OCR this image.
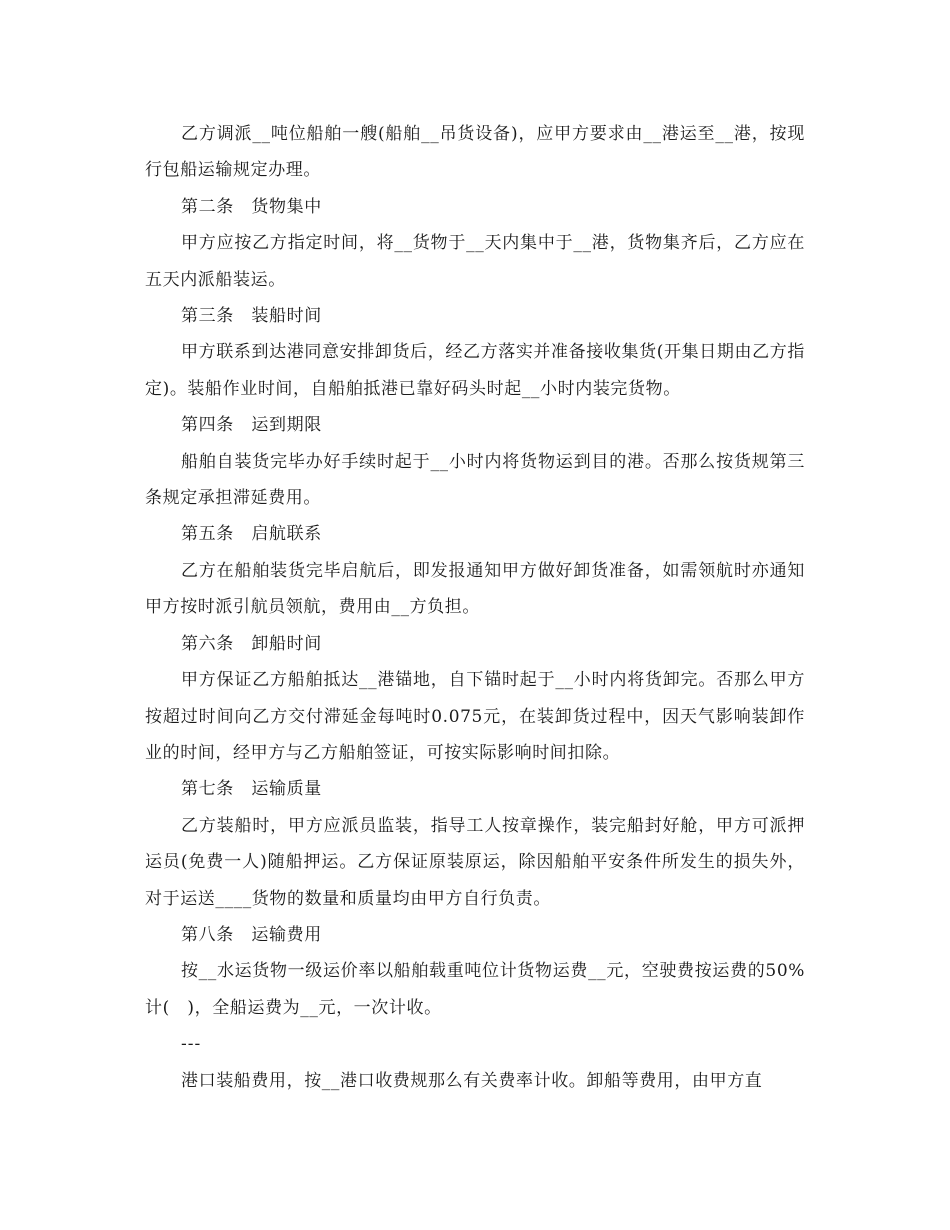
乙方调派__吨位船舶一艘(船舶__吊货设备)，应甲方要求由__港运至__港，按现行包船运输规定办理。

第二条　货物集中

甲方应按乙方指定时间，将__货物于__天内集中于__港，货物集齐后，乙方应在五天内派船装运。

第三条　装船时间

甲方联系到达港同意安排卸货后，经乙方落实并准备接收集货(开集日期由乙方指定)。装船作业时间，自船舶抵港已靠好码头时起__小时内装完货物。

第四条　运到期限

船舶自装货完毕办好手续时起于__小时内将货物运到目的港。否那么按货规第三条规定承担滞延费用。

第五条　启航联系

乙方在船舶装货完毕启航后，即发报通知甲方做好卸货准备，如需领航时亦通知甲方按时派引航员领航，费用由__方负担。

第六条　卸船时间

甲方保证乙方船舶抵达__港锚地，自下锚时起于__小时内将货卸完。否那么甲方按超过时间向乙方交付滞延金每吨时0.075元，在装卸货过程中，因天气影响装卸作业的时间，经甲方与乙方船舶签证，可按实际影响时间扣除。

第七条　运输质量

乙方装船时，甲方应派员监装，指导工人按章操作，装完船封好舱，甲方可派押运员(免费一人)随船押运。乙方保证原装原运，除因船舶平安条件所发生的损失外，对于运送____货物的数量和质量均由甲方自行负责。

第八条　运输费用

按__水运货物一级运价率以船舶载重吨位计货物运费__元，空驶费按运费的50%计(　)，全船运费为__元，一次计收。

---

港口装船费用，按__港口收费规那么有关费率计收。卸船等费用，由甲方直
